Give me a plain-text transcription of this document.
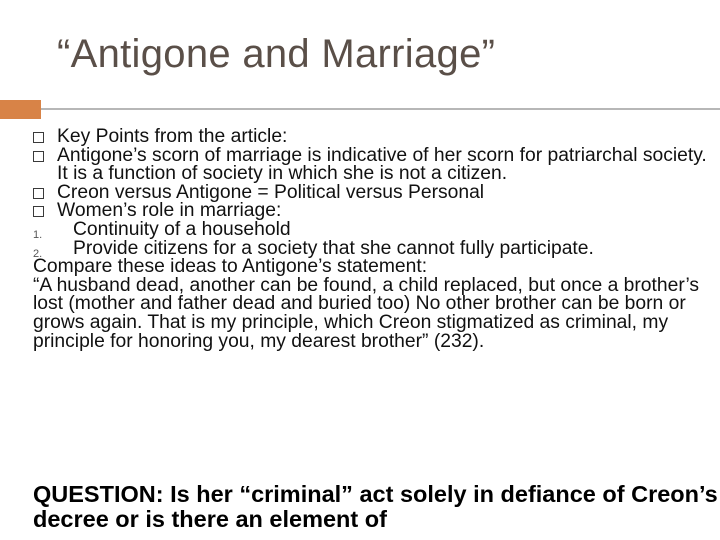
“Antigone and Marriage”
Key Points from the article:
Antigone’s scorn of marriage is indicative of her scorn for patriarchal society. It is a function of society in which she is not a citizen.
Creon versus Antigone = Political versus Personal
Women’s role in marriage:
1.	Continuity of a household
2.	Provide citizens for a society that she cannot fully participate.
Compare these ideas to Antigone’s statement:
“A husband dead, another can be found, a child replaced, but once a brother’s lost (mother and father dead and buried too) No other brother can be born or grows again. That is my principle, which Creon stigmatized as criminal, my principle for honoring you, my dearest brother” (232).
QUESTION: Is her “criminal” act solely in defiance of Creon’s decree or is there an element of
